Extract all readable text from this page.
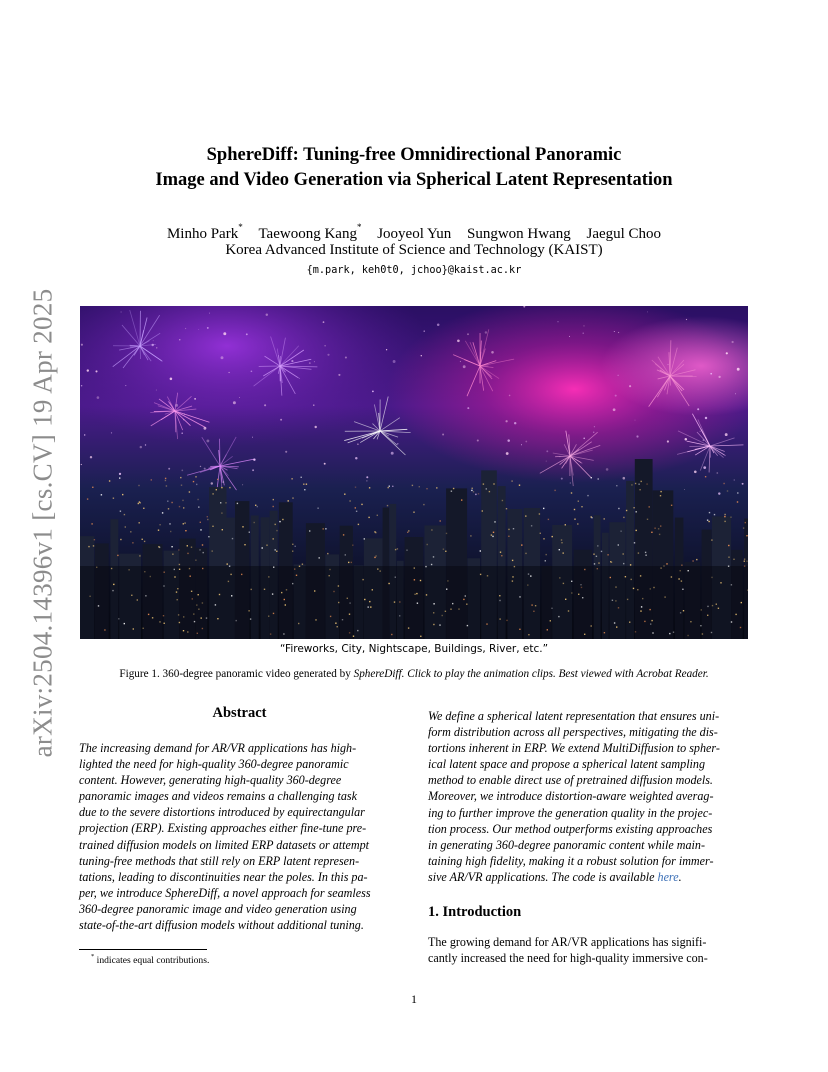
arXiv:2504.14396v1 [cs.CV] 19 Apr 2025
SphereDiff: Tuning-free Omnidirectional Panoramic
Image and Video Generation via Spherical Latent Representation
Minho Park* Taewoong Kang* Jooyeol Yun Sungwon Hwang Jaegul Choo
Korea Advanced Institute of Science and Technology (KAIST)
{m.park, keh0t0, jchoo}@kaist.ac.kr
“Fireworks, City, Nightscape, Buildings, River, etc.”
Figure 1. 360-degree panoramic video generated by SphereDiff. Click to play the animation clips. Best viewed with Acrobat Reader.
Abstract
The increasing demand for AR/VR applications has high-
lighted the need for high-quality 360-degree panoramic
content. However, generating high-quality 360-degree
panoramic images and videos remains a challenging task
due to the severe distortions introduced by equirectangular
projection (ERP). Existing approaches either fine-tune pre-
trained diffusion models on limited ERP datasets or attempt
tuning-free methods that still rely on ERP latent represen-
tations, leading to discontinuities near the poles. In this pa-
per, we introduce SphereDiff, a novel approach for seamless
360-degree panoramic image and video generation using
state-of-the-art diffusion models without additional tuning.
We define a spherical latent representation that ensures uni-
form distribution across all perspectives, mitigating the dis-
tortions inherent in ERP. We extend MultiDiffusion to spher-
ical latent space and propose a spherical latent sampling
method to enable direct use of pretrained diffusion models.
Moreover, we introduce distortion-aware weighted averag-
ing to further improve the generation quality in the projec-
tion process. Our method outperforms existing approaches
in generating 360-degree panoramic content while main-
taining high fidelity, making it a robust solution for immer-
sive AR/VR applications. The code is available here.
1. Introduction
The growing demand for AR/VR applications has signifi-
cantly increased the need for high-quality immersive con-
* indicates equal contributions.
1
